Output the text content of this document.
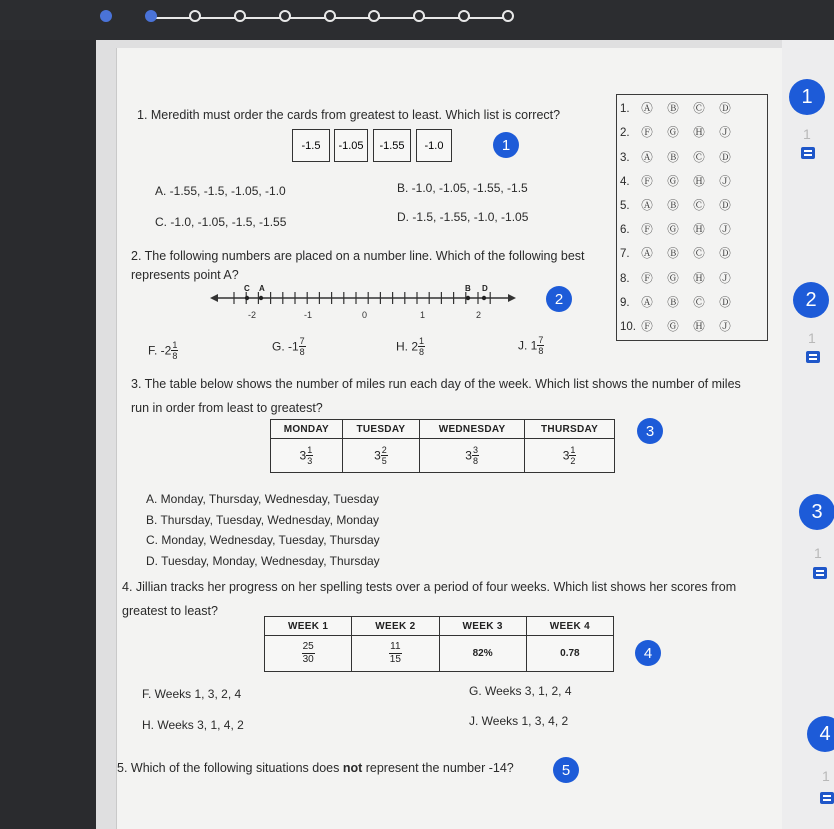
1. Meredith must order the cards from greatest to least. Which list is correct?
-1.5	-1.05	-1.55	-1.0	1
A. -1.55, -1.5, -1.05, -1.0	B. -1.0, -1.05, -1.55, -1.5
C. -1.0, -1.05, -1.5, -1.55	D. -1.5, -1.55, -1.0, -1.05
2. The following numbers are placed on a number line. Which of the following best
represents point A?
-2	-1	0	1	2
C A	B D
2
F. $-2 \frac{1}{8}$	G. $-1 \frac{7}{8}$	H. $2 \frac{1}{8}$	J. $1 \frac{7}{8}$
1. Ⓐ Ⓑ Ⓒ Ⓓ
2. Ⓕ Ⓖ Ⓗ Ⓙ
3. Ⓐ Ⓑ Ⓒ Ⓓ
4. Ⓕ Ⓖ Ⓗ Ⓙ
5. Ⓐ Ⓑ Ⓒ Ⓓ
6. Ⓕ Ⓖ Ⓗ Ⓙ
7. Ⓐ Ⓑ Ⓒ Ⓓ
8. Ⓕ Ⓖ Ⓗ Ⓙ
9. Ⓐ Ⓑ Ⓒ Ⓓ
10. Ⓕ Ⓖ Ⓗ Ⓙ
3. The table below shows the number of miles run each day of the week. Which list shows the number of miles
run in order from least to greatest?
MONDAY	TUESDAY	WEDNESDAY	THURSDAY
$3 \frac{1}{3}$	$3 \frac{2}{5}$	$3 \frac{3}{8}$	$3 \frac{1}{2}$
3
A. Monday, Thursday, Wednesday, Tuesday
B. Thursday, Tuesday, Wednesday, Monday
C. Monday, Wednesday, Tuesday, Thursday
D. Tuesday, Monday, Wednesday, Thursday
4. Jillian tracks her progress on her spelling tests over a period of four weeks. Which list shows her scores from
greatest to least?
WEEK 1	WEEK 2	WEEK 3	WEEK 4

$\frac{25}{30}$	$\frac{11}{15}$	82%	0.78	4
F. Weeks 1, 3, 2, 4	G. Weeks 3, 1, 2, 4
H. Weeks 3, 1, 4, 2	J. Weeks 1, 3, 4, 2
5. Which of the following situations does not represent the number -14?	5
1
1
2
1
3
1
4
1
